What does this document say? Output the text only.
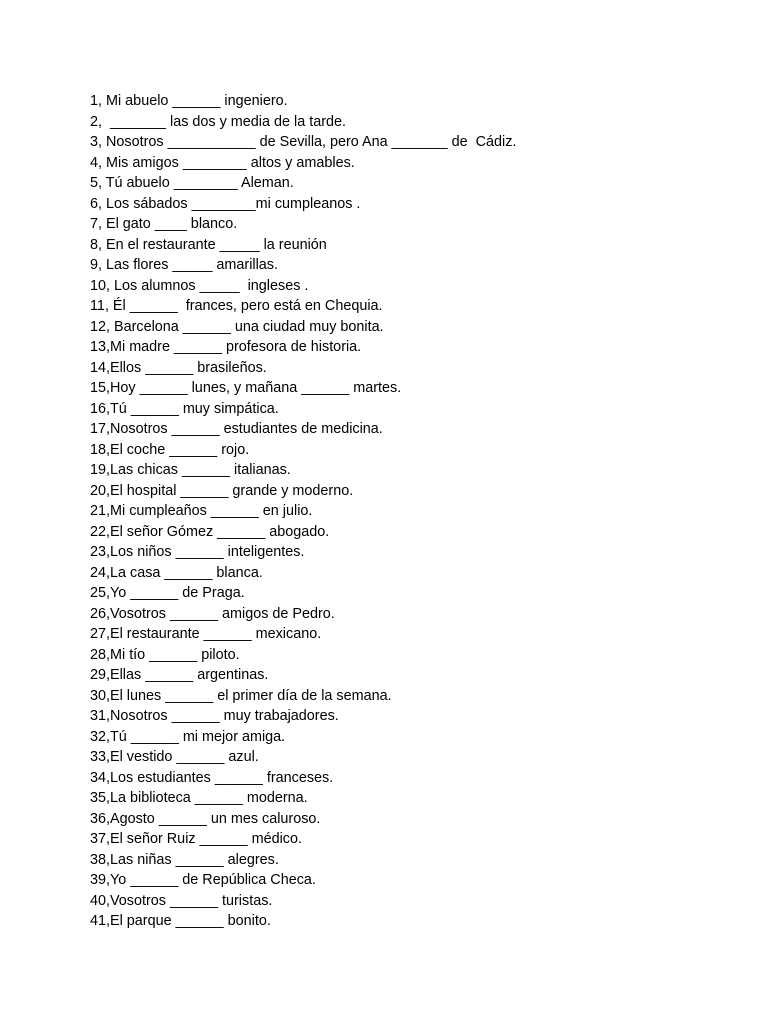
1, Mi abuelo ______ ingeniero.
2,  _______ las dos y media de la tarde.
3, Nosotros ___________ de Sevilla, pero Ana _______ de  Cádiz.
4, Mis amigos ________ altos y amables.
5, Tú abuelo ________ Aleman.
6, Los sábados ________mi cumpleanos .
7, El gato ____ blanco.
8, En el restaurante _____ la reunión
9, Las flores _____ amarillas.
10, Los alumnos _____  ingleses .
11, Él ______  frances, pero está en Chequia.
12, Barcelona ______ una ciudad muy bonita.
13,Mi madre ______ profesora de historia.
14,Ellos ______ brasileños.
15,Hoy ______ lunes, y mañana ______ martes.
16,Tú ______ muy simpática.
17,Nosotros ______ estudiantes de medicina.
18,El coche ______ rojo.
19,Las chicas ______ italianas.
20,El hospital ______ grande y moderno.
21,Mi cumpleaños ______ en julio.
22,El señor Gómez ______ abogado.
23,Los niños ______ inteligentes.
24,La casa ______ blanca.
25,Yo ______ de Praga.
26,Vosotros ______ amigos de Pedro.
27,El restaurante ______ mexicano.
28,Mi tío ______ piloto.
29,Ellas ______ argentinas.
30,El lunes ______ el primer día de la semana.
31,Nosotros ______ muy trabajadores.
32,Tú ______ mi mejor amiga.
33,El vestido ______ azul.
34,Los estudiantes ______ franceses.
35,La biblioteca ______ moderna.
36,Agosto ______ un mes caluroso.
37,El señor Ruiz ______ médico.
38,Las niñas ______ alegres.
39,Yo ______ de República Checa.
40,Vosotros ______ turistas.
41,El parque ______ bonito.
